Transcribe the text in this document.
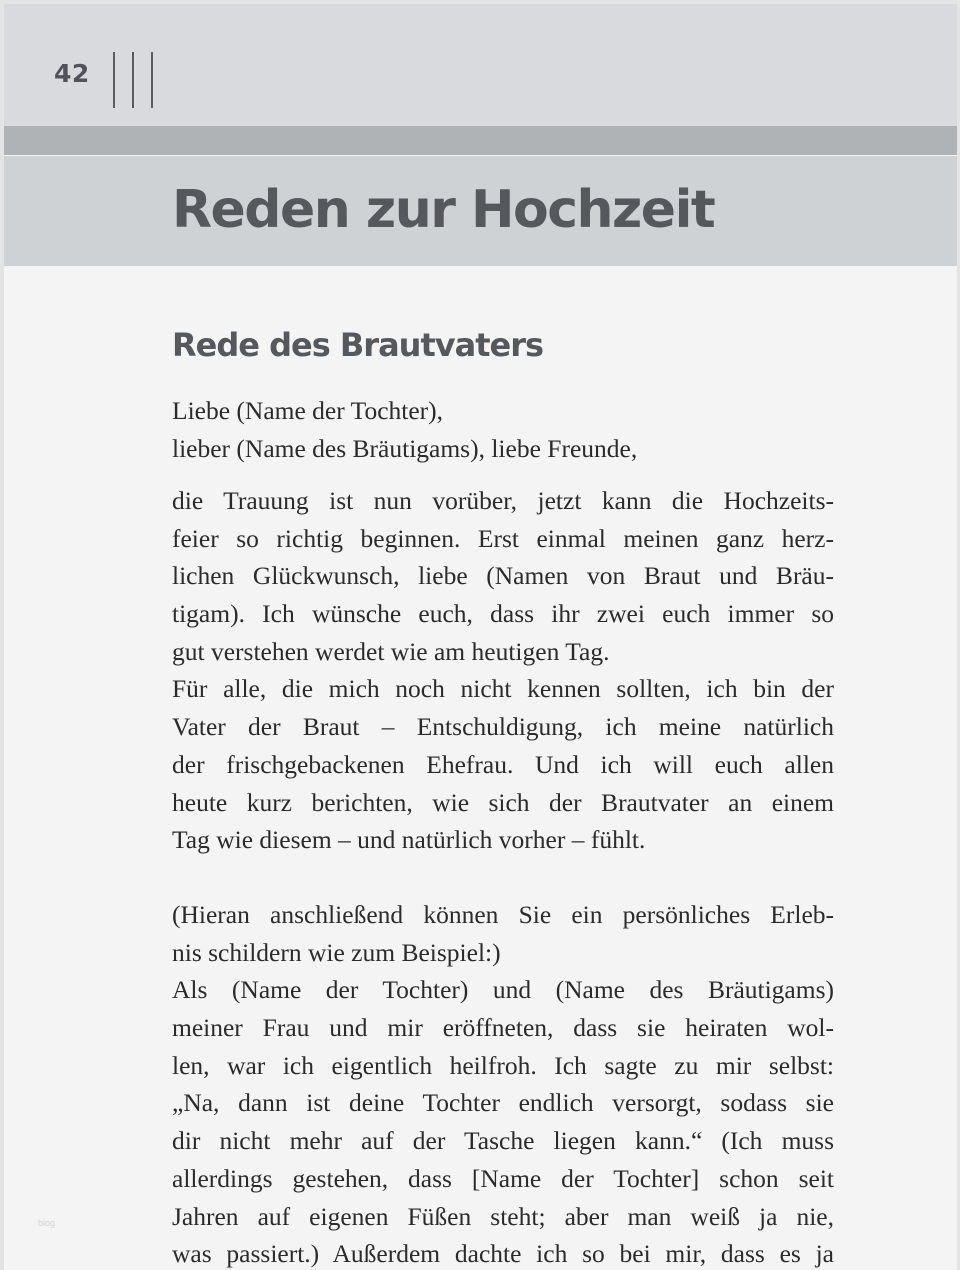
42
Reden zur Hochzeit
Rede des Brautvaters
Liebe (Name der Tochter),
lieber (Name des Bräutigams), liebe Freunde,
die Trauung ist nun vorüber, jetzt kann die Hochzeits-
feier so richtig beginnen. Erst einmal meinen ganz herz-
lichen Glückwunsch, liebe (Namen von Braut und Bräu-
tigam). Ich wünsche euch, dass ihr zwei euch immer so
gut verstehen werdet wie am heutigen Tag.
Für alle, die mich noch nicht kennen sollten, ich bin der
Vater der Braut – Entschuldigung, ich meine natürlich
der frischgebackenen Ehefrau. Und ich will euch allen
heute kurz berichten, wie sich der Brautvater an einem
Tag wie diesem – und natürlich vorher – fühlt.
(Hieran anschließend können Sie ein persönliches Erleb-
nis schildern wie zum Beispiel:)
Als (Name der Tochter) und (Name des Bräutigams)
meiner Frau und mir eröffneten, dass sie heiraten wol-
len, war ich eigentlich heilfroh. Ich sagte zu mir selbst:
„Na, dann ist deine Tochter endlich versorgt, sodass sie
dir nicht mehr auf der Tasche liegen kann.“ (Ich muss
allerdings gestehen, dass [Name der Tochter] schon seit
Jahren auf eigenen Füßen steht; aber man weiß ja nie,
was passiert.) Außerdem dachte ich so bei mir, dass es ja
blog
